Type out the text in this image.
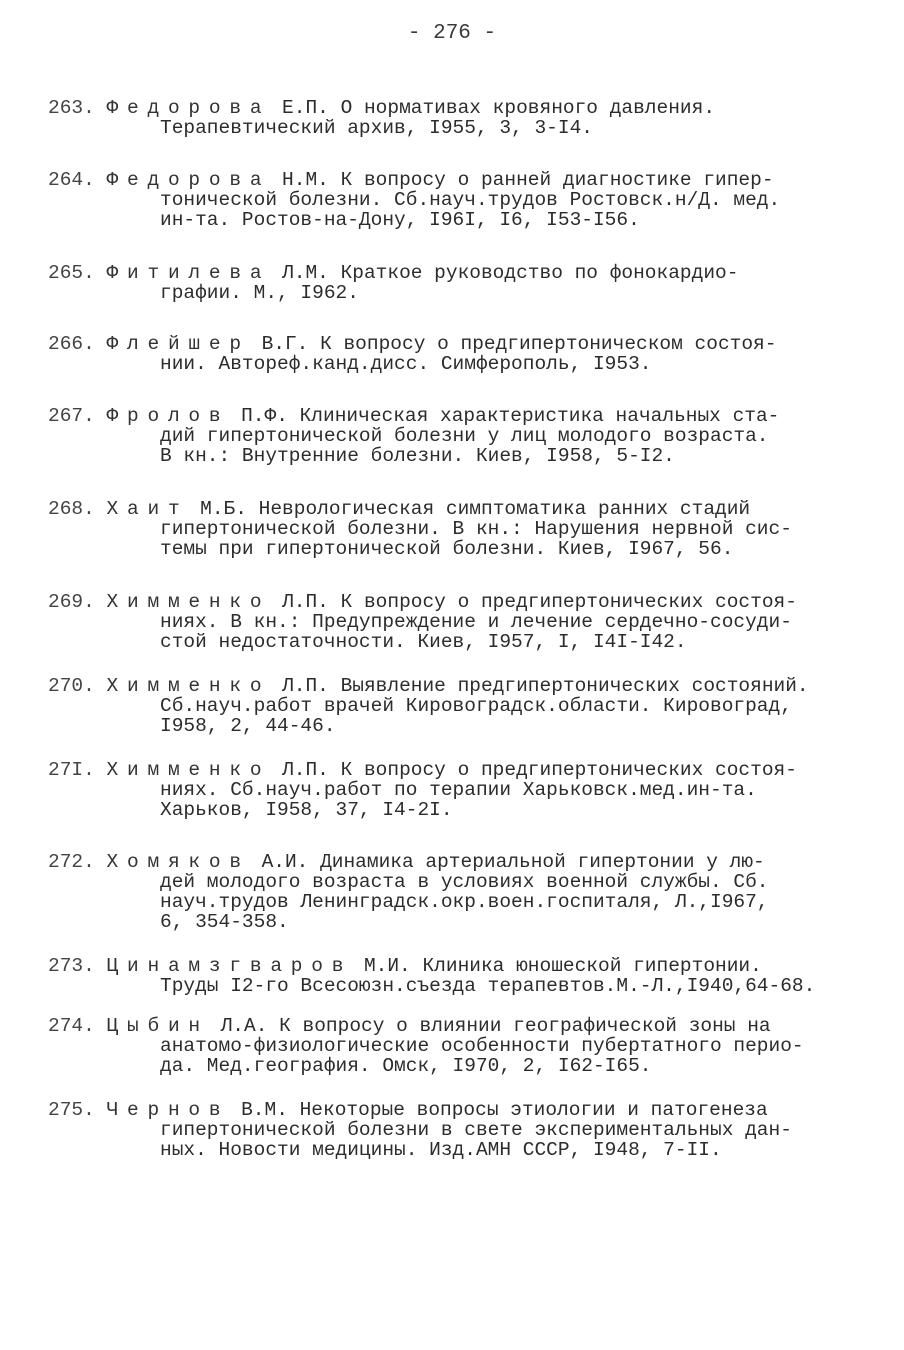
- 276 -
263. Федорова Е.П. О нормативах кровяного давления.
Терапевтический архив, I955, 3, 3-I4.
264. Федорова Н.М. К вопросу о ранней диагностике гипер-
тонической болезни. Сб.науч.трудов Ростовск.н/Д. мед.
ин-та. Ростов-на-Дону, I96I, I6, I53-I56.
265. Фитилева Л.М. Краткое руководство по фонокардио-
графии. М., I962.
266. Флейшер В.Г. К вопросу о предгипертоническом состоя-
нии. Автореф.канд.дисс. Симферополь, I953.
267. Фролов П.Ф. Клиническая характеристика начальных ста-
дий гипертонической болезни у лиц молодого возраста.
В кн.: Внутренние болезни. Киев, I958, 5-I2.
268. Хаит М.Б. Неврологическая симптоматика ранних стадий
гипертонической болезни. В кн.: Нарушения нервной сис-
темы при гипертонической болезни. Киев, I967, 56.
269. Химменко Л.П. К вопросу о предгипертонических состоя-
ниях. В кн.: Предупреждение и лечение сердечно-сосуди-
стой недостаточности. Киев, I957, I, I4I-I42.
270. Химменко Л.П. Выявление предгипертонических состояний.
Сб.науч.работ врачей Кировоградск.области. Кировоград,
I958, 2, 44-46.
27I. Химменко Л.П. К вопросу о предгипертонических состоя-
ниях. Сб.науч.работ по терапии Харьковск.мед.ин-та.
Харьков, I958, 37, I4-2I.
272. Хомяков А.И. Динамика артериальной гипертонии у лю-
дей молодого возраста в условиях военной службы. Сб.
науч.трудов Ленинградск.окр.воен.госпиталя, Л.,I967,
6, 354-358.
273. Цинамзгваров М.И. Клиника юношеской гипертонии.
Труды I2-го Всесоюзн.съезда терапевтов.М.-Л.,I940,64-68.
274. Цыбин Л.А. К вопросу о влиянии географической зоны на
анатомо-физиологические особенности пубертатного перио-
да. Мед.география. Омск, I970, 2, I62-I65.
275. Чернов В.М. Некоторые вопросы этиологии и патогенеза
гипертонической болезни в свете экспериментальных дан-
ных. Новости медицины. Изд.АМН СССР, I948, 7-II.
